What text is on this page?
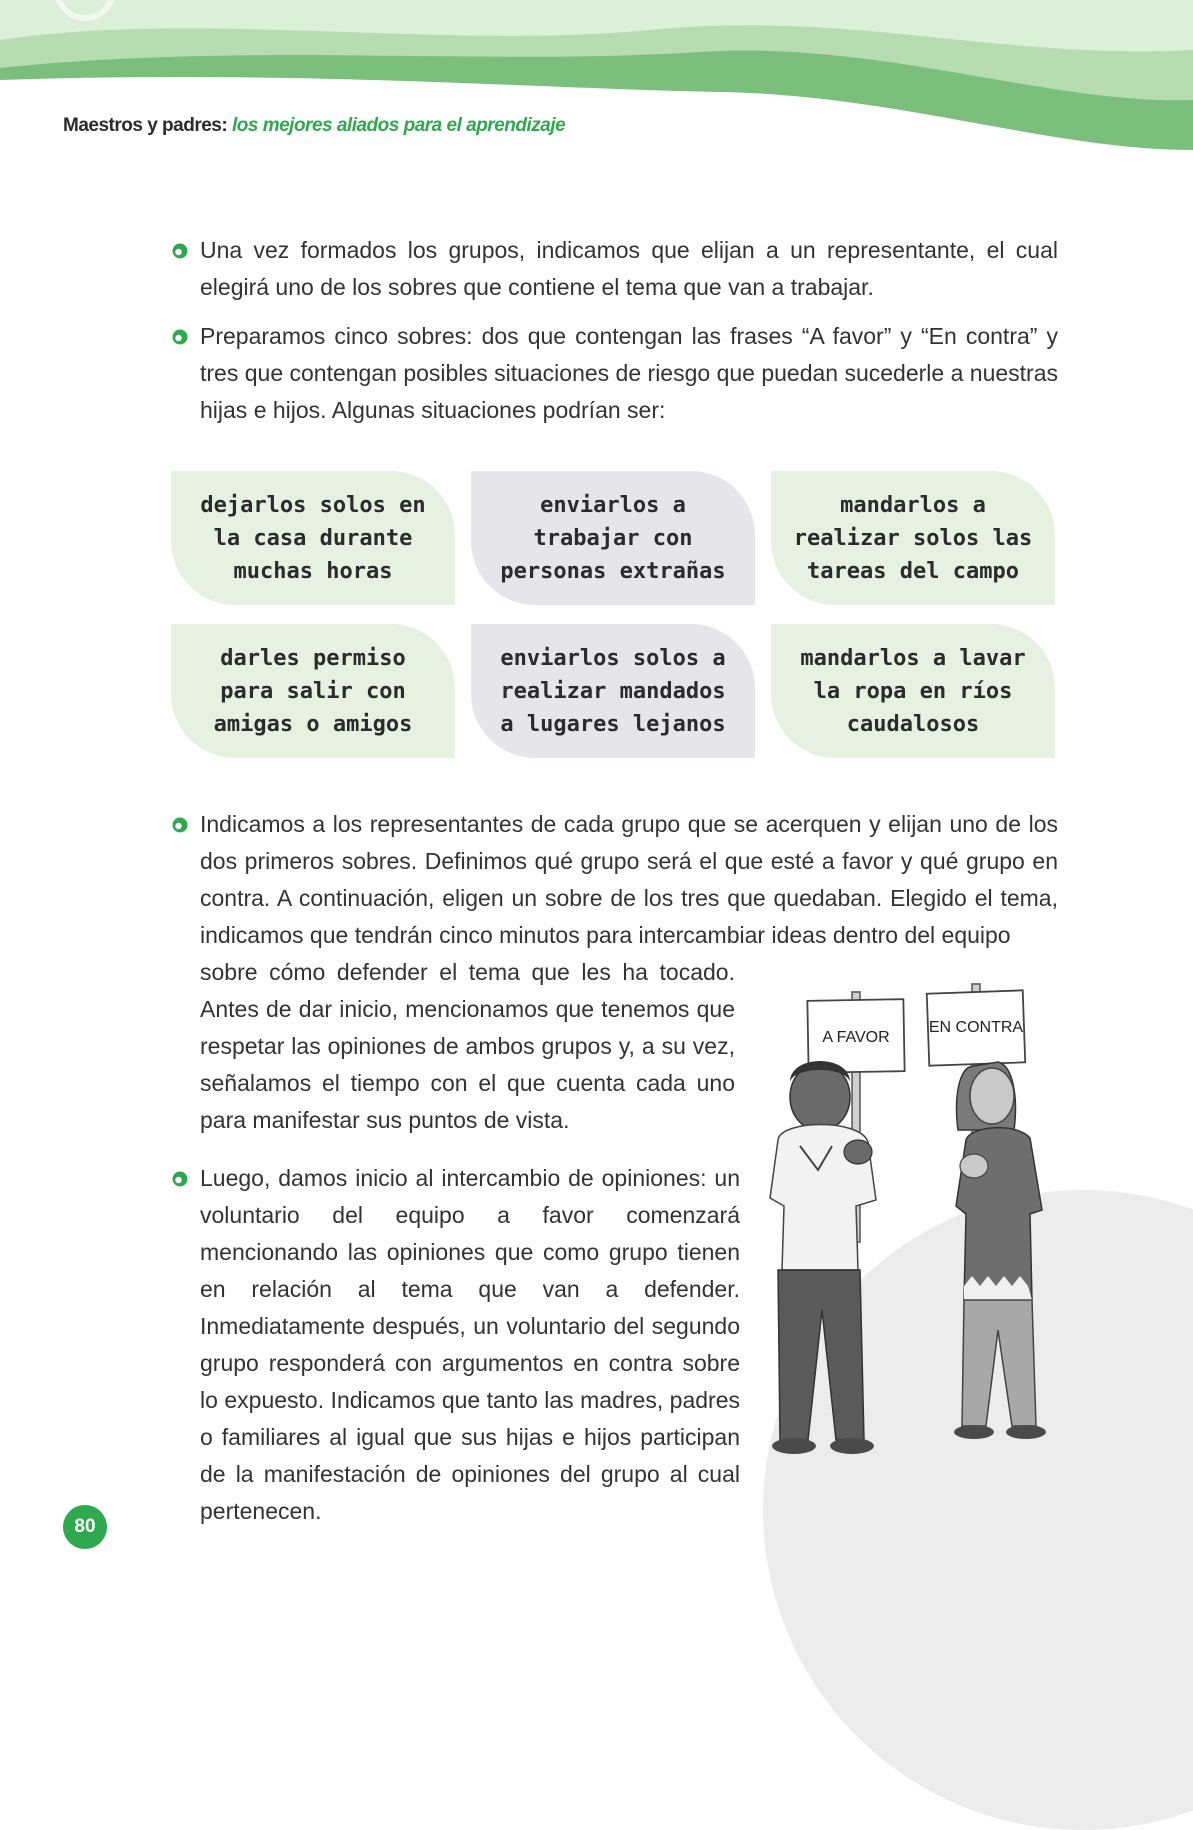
Maestros y padres: los mejores aliados para el aprendizaje

Una vez formados los grupos, indicamos que elijan a un representante, el cual elegirá uno de los sobres que contiene el tema que van a trabajar.

Preparamos cinco sobres: dos que contengan las frases “A favor” y “En contra” y tres que contengan posibles situaciones de riesgo que puedan sucederle a nuestras hijas e hijos. Algunas situaciones podrían ser:

dejarlos solos en la casa durante muchas horas
enviarlos a trabajar con personas extrañas
mandarlos a realizar solos las tareas del campo
darles permiso para salir con amigas o amigos
enviarlos solos a realizar mandados a lugares lejanos
mandarlos a lavar la ropa en ríos caudalosos
A FAVOR
EN CONTRA

Indicamos a los representantes de cada grupo que se acerquen y elijan uno de los dos primeros sobres. Definimos qué grupo será el que esté a favor y qué grupo en contra. A continuación, eligen un sobre de los tres que quedaban. Elegido el tema, indicamos que tendrán cinco minutos para intercambiar ideas dentro del equipo

sobre cómo defender el tema que les ha tocado. Antes de dar inicio, mencionamos que tenemos que respetar las opiniones de ambos grupos y, a su vez, señalamos el tiempo con el que cuenta cada uno para manifestar sus puntos de vista.

Luego, damos inicio al intercambio de opiniones: un voluntario del equipo a favor comenzará mencionando las opiniones que como grupo tienen en relación al tema que van a defender. Inmediatamente después, un voluntario del segundo grupo responderá con argumentos en contra sobre lo expuesto. Indicamos que tanto las madres, padres o familiares al igual que sus hijas e hijos participan de la manifestación de opiniones del grupo al cual pertenecen.

80
